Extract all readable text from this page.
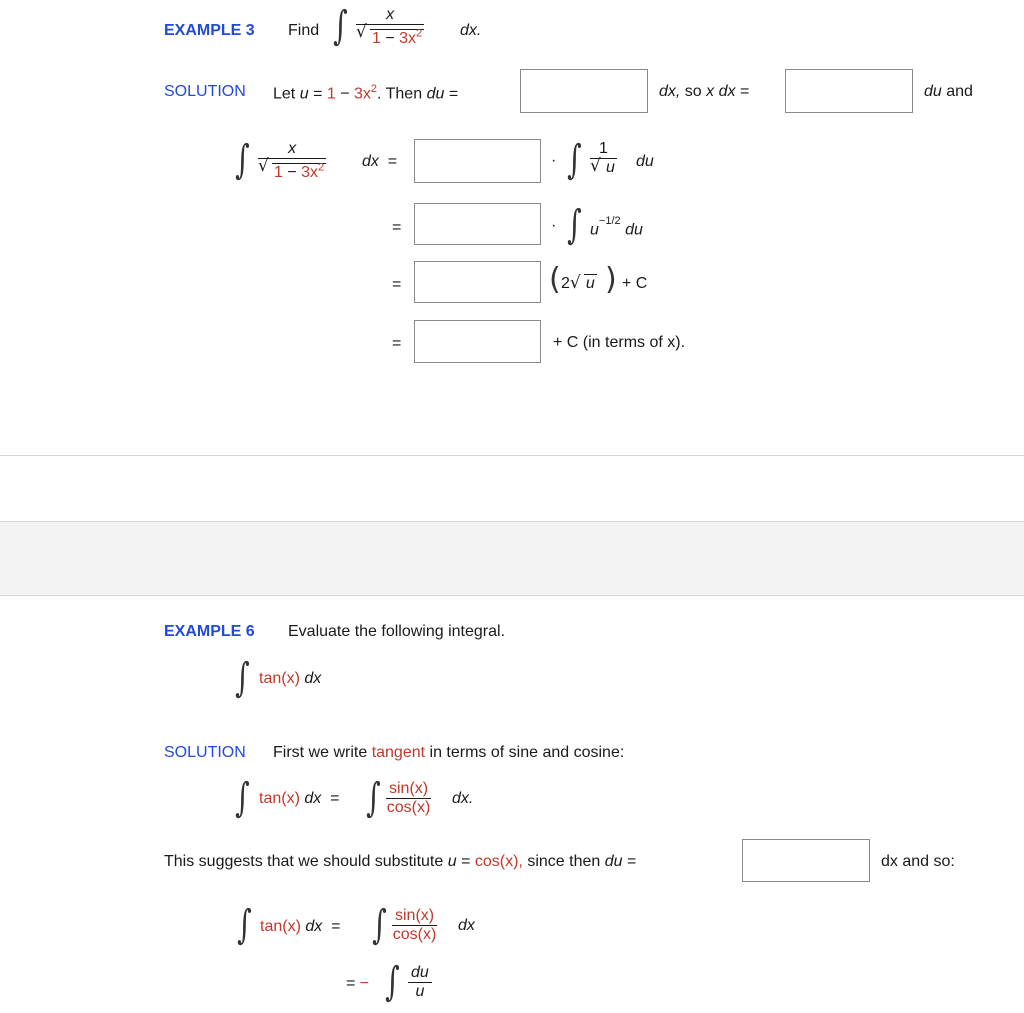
EXAMPLE 3 Find ∫ x
√ $1 - 3x^2$ dx.
SOLUTION Let $u = 1 - 3x^2$. Then du =	dx, so x dx =	du and
∫ x
√ $1 - 3x^2$ dx =	· ∫ 1
√ u du
=	· ∫ $u^{-1/2}$ du
=	( 2√ u ) + C
=	+ C (in terms of x).
EXAMPLE 6 Evaluate the following integral.
∫ tan(x) dx
SOLUTION First we write tangent in terms of sine and cosine:
∫ tan(x) dx = ∫ $\frac{\sin(x)}{\cos(x)}$ dx.
This suggests that we should substitute u = cos(x), since then du =	dx and so:
∫ tan(x) dx = ∫ $\frac{\sin(x)}{\cos(x)}$ dx
= − ∫ $\frac{du}{u}$
